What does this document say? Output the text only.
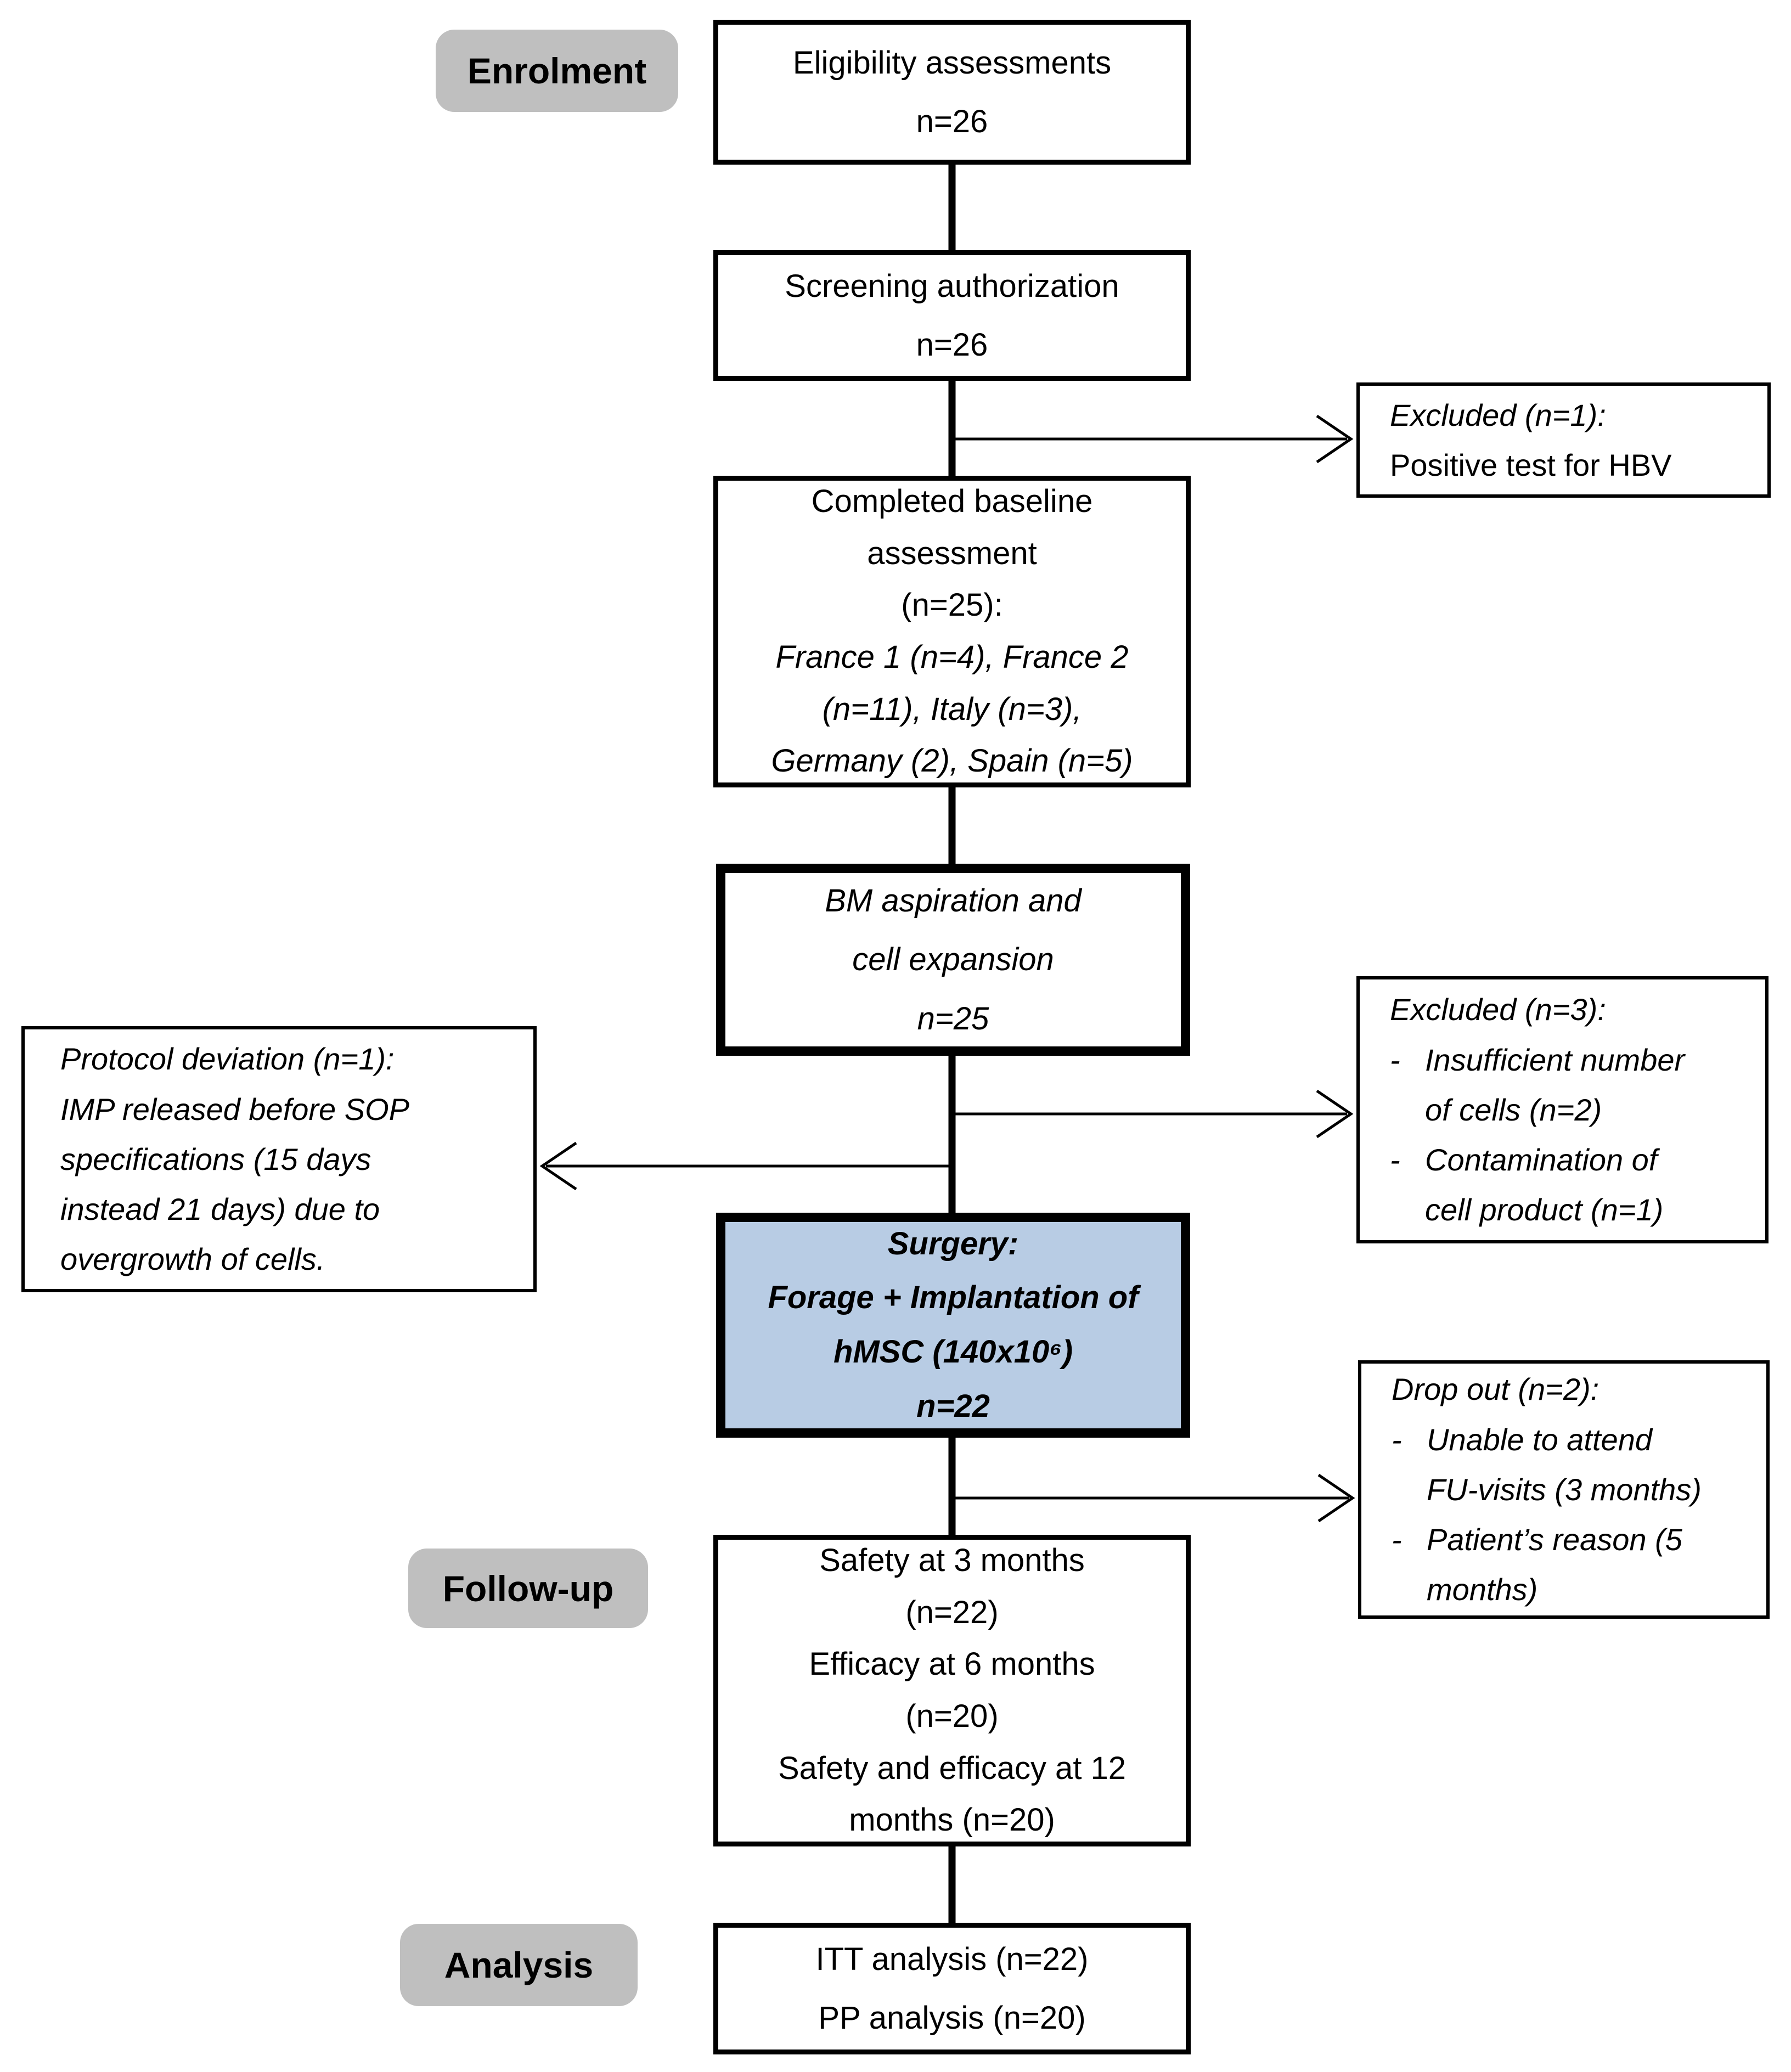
Enrolment
Follow-up
Analysis
Eligibility assessments
n=26
Screening authorization
n=26
Completed baseline
assessment
(n=25):
France 1 (n=4), France 2
(n=11), Italy (n=3),
Germany (2), Spain (n=5)
BM aspiration and
cell expansion
n=25
Surgery:
Forage + Implantation of
hMSC (140x10⁶)
n=22
Safety at 3 months
(n=22)
Efficacy at 6 months
(n=20)
Safety and efficacy at 12
months (n=20)
ITT analysis (n=22)
PP analysis (n=20)
Excluded (n=1):
Positive test for HBV
Excluded (n=3):
- Insufficient number
of cells (n=2)
- Contamination of
cell product (n=1)
Protocol deviation (n=1):
IMP released before SOP
specifications (15 days
instead 21 days) due to
overgrowth of cells.
Drop out (n=2):
- Unable to attend
FU-visits (3 months)
- Patient’s reason (5
months)
